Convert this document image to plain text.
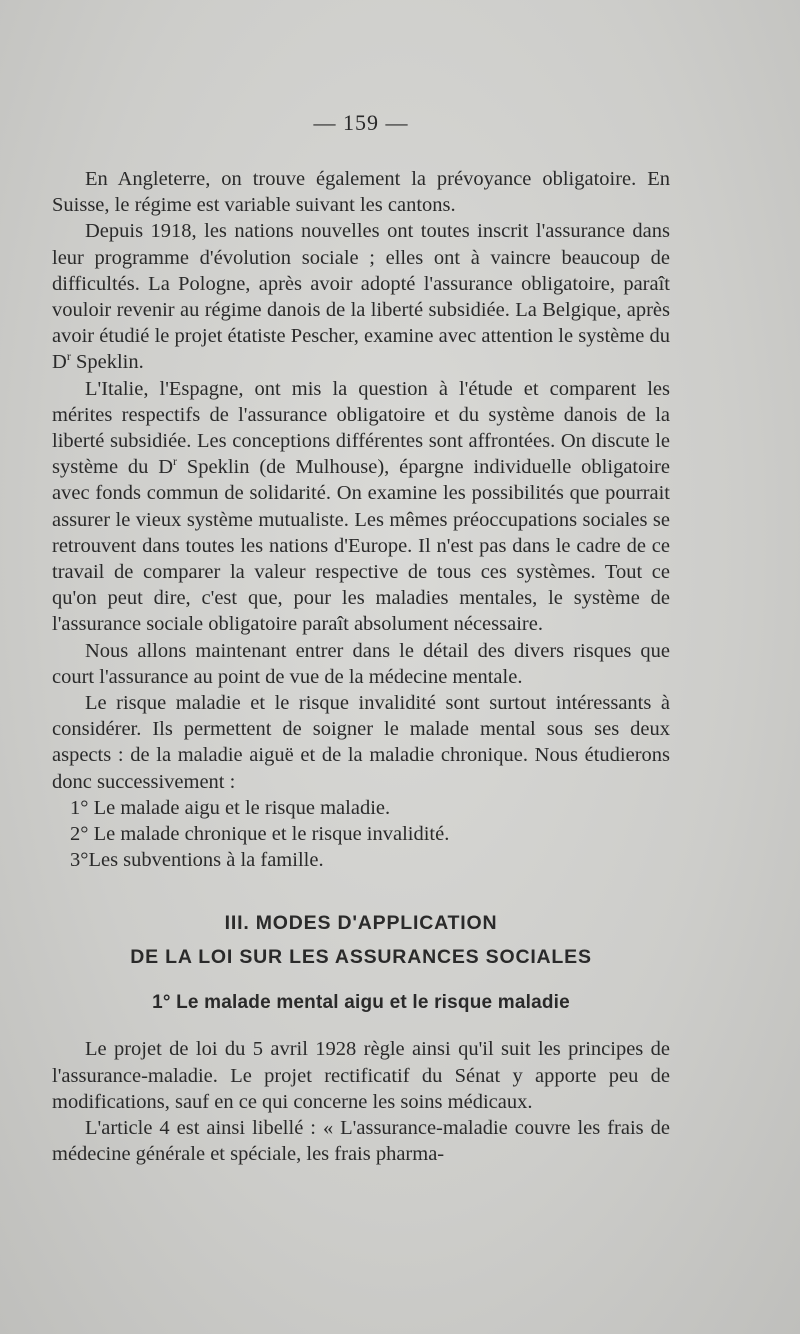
— 159 —

En Angleterre, on trouve également la prévoyance obligatoire. En Suisse, le régime est variable suivant les cantons.

Depuis 1918, les nations nouvelles ont toutes inscrit l'assurance dans leur programme d'évolution sociale ; elles ont à vaincre beaucoup de difficultés. La Pologne, après avoir adopté l'assurance obligatoire, paraît vouloir revenir au régime danois de la liberté subsidiée. La Belgique, après avoir étudié le projet étatiste Pescher, examine avec attention le système du $D^r$ Speklin.

L'Italie, l'Espagne, ont mis la question à l'étude et comparent les mérites respectifs de l'assurance obligatoire et du système danois de la liberté subsidiée. Les conceptions différentes sont affrontées. On discute le système du $D^r$ Speklin (de Mulhouse), épargne individuelle obligatoire avec fonds commun de solidarité. On examine les possibilités que pourrait assurer le vieux système mutualiste. Les mêmes préoccupations sociales se retrouvent dans toutes les nations d'Europe. Il n'est pas dans le cadre de ce travail de comparer la valeur respective de tous ces systèmes. Tout ce qu'on peut dire, c'est que, pour les maladies mentales, le système de l'assurance sociale obligatoire paraît absolument nécessaire.

Nous allons maintenant entrer dans le détail des divers risques que court l'assurance au point de vue de la médecine mentale.

Le risque maladie et le risque invalidité sont surtout intéressants à considérer. Ils permettent de soigner le malade mental sous ses deux aspects : de la maladie aiguë et de la maladie chronique. Nous étudierons donc successivement :

1° Le malade aigu et le risque maladie.

2° Le malade chronique et le risque invalidité.

3°Les subventions à la famille.

III. MODES D'APPLICATION
DE LA LOI SUR LES ASSURANCES SOCIALES
1° Le malade mental aigu et le risque maladie

Le projet de loi du 5 avril 1928 règle ainsi qu'il suit les principes de l'assurance-maladie. Le projet rectificatif du Sénat y apporte peu de modifications, sauf en ce qui concerne les soins médicaux.

L'article 4 est ainsi libellé : « L'assurance-maladie couvre les frais de médecine générale et spéciale, les frais pharma-
